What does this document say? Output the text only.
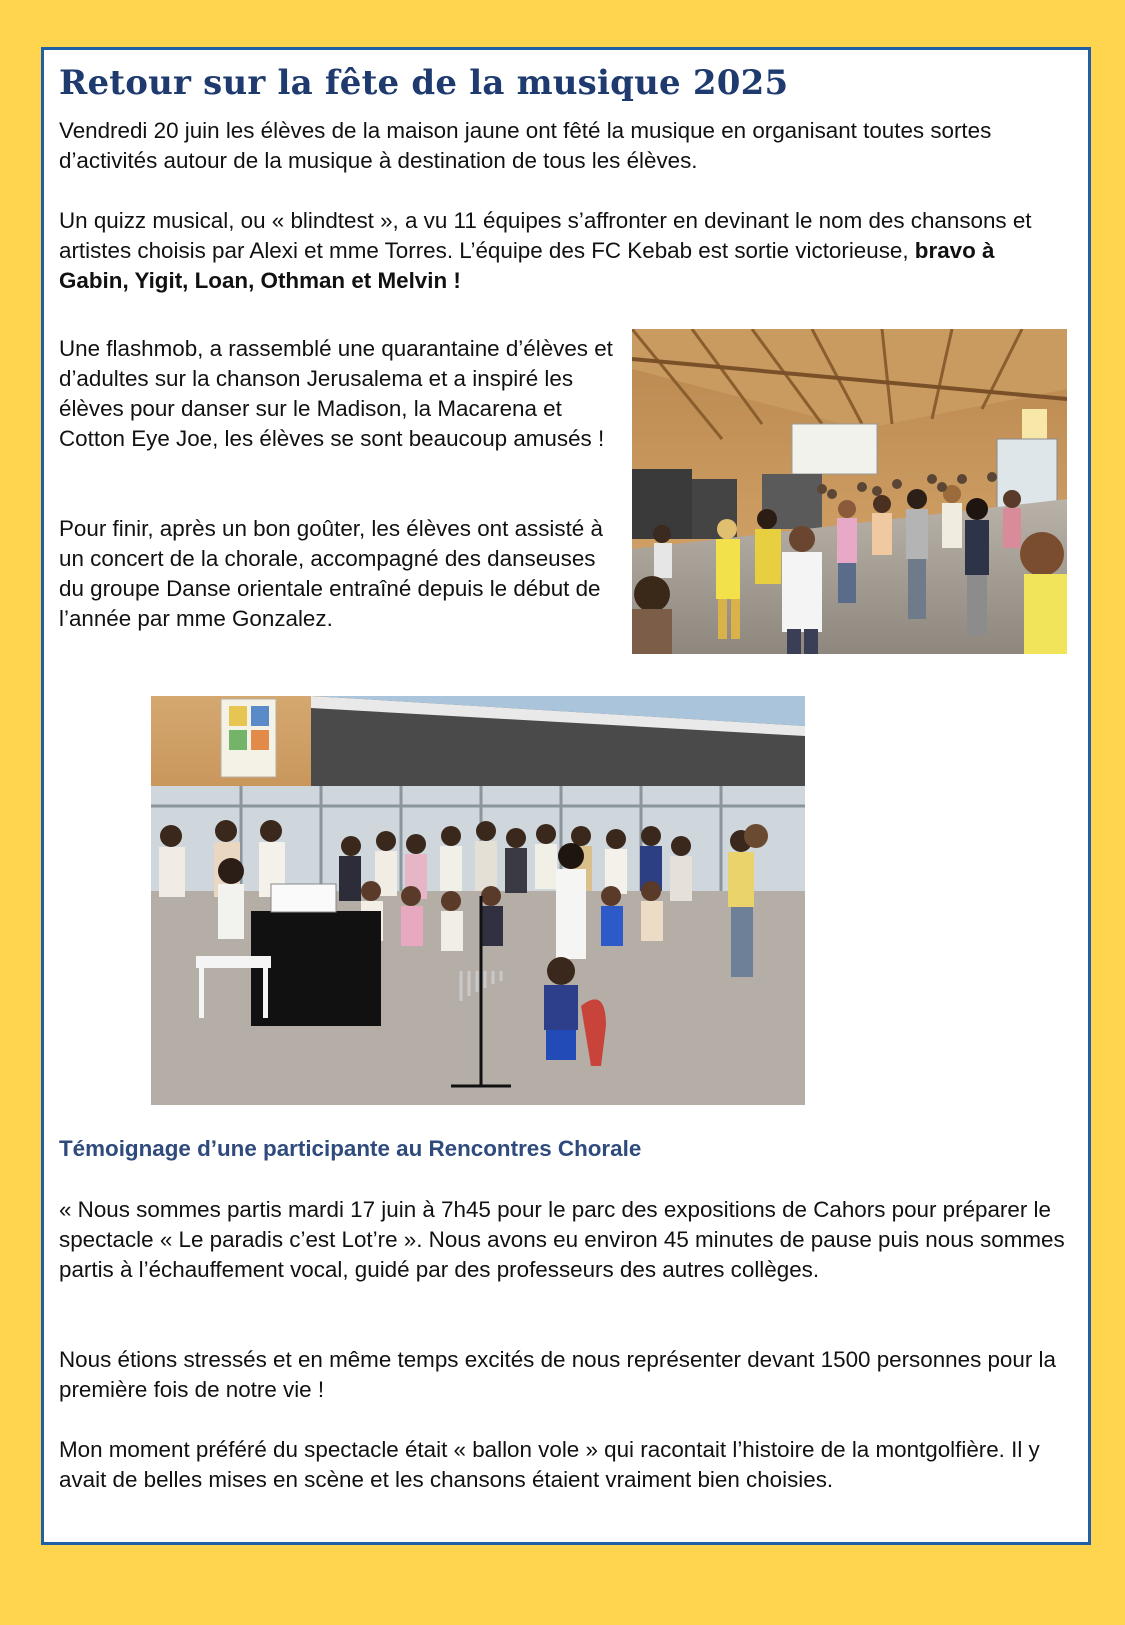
Retour sur la fête de la musique 2025

Vendredi 20 juin les élèves de la maison jaune ont fêté la musique en organisant toutes sortes d’activités autour de la musique à destination de tous les élèves.

Un quizz musical, ou « blindtest », a vu 11 équipes s’affronter en devinant le nom des chansons et artistes choisis par Alexi et mme Torres. L’équipe des FC Kebab est sortie victorieuse, bravo à Gabin, Yigit, Loan, Othman et Melvin !

Une flashmob, a rassemblé une quarantaine d’élèves et d’adultes sur la chanson Jerusalema et a inspiré les élèves pour danser sur le Madison, la Macarena et Cotton Eye Joe, les élèves se sont beaucoup amusés !

Pour finir, après un bon goûter, les élèves ont assisté à un concert de la chorale, accompagné des danseuses du groupe Danse orientale entraîné depuis le début de l’année par mme Gonzalez.

Témoignage d’une participante au Rencontres Chorale

« Nous sommes partis mardi 17 juin à 7h45 pour le parc des expositions de Cahors pour préparer le spectacle « Le paradis c’est Lot’re ». Nous avons eu environ 45 minutes de pause puis nous sommes partis à l’échauffement vocal, guidé par des professeurs des autres collèges.

Nous étions stressés et en même temps excités de nous représenter devant 1500 personnes pour la première fois de notre vie !

Mon moment préféré du spectacle était « ballon vole » qui racontait l’histoire de la montgolfière. Il y avait de belles mises en scène et les chansons étaient vraiment bien choisies.
